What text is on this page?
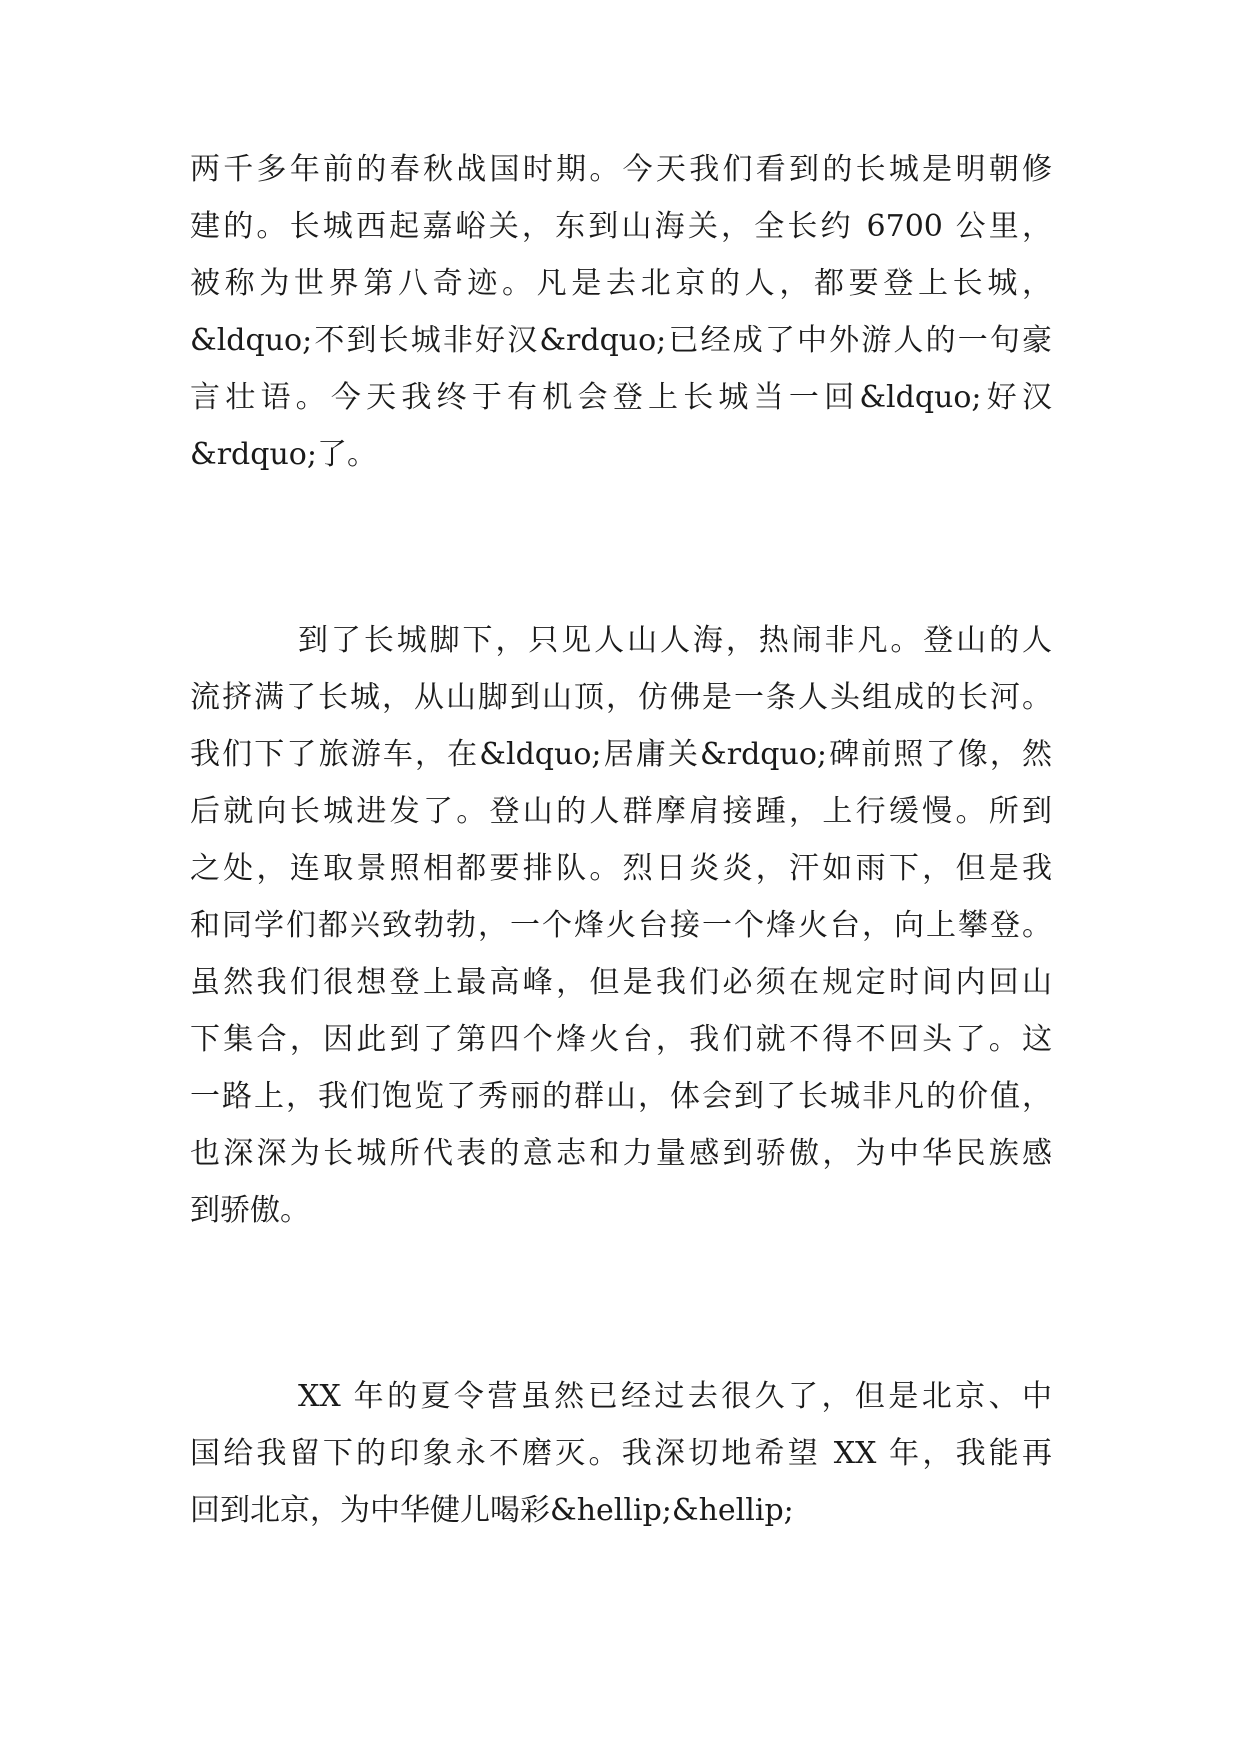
两千多年前的春秋战国时期。今天我们看到的长城是明朝修
建的。长城西起嘉峪关，东到山海关，全长约 6700 公里，
被称为世界第八奇迹。凡是去北京的人，都要登上长城，
&ldquo;不到长城非好汉&rdquo;已经成了中外游人的一句豪
言壮语。今天我终于有机会登上长城当一回&ldquo;好汉
&rdquo;了。
到了长城脚下，只见人山人海，热闹非凡。登山的人
流挤满了长城，从山脚到山顶，仿佛是一条人头组成的长河。
我们下了旅游车，在&ldquo;居庸关&rdquo;碑前照了像，然
后就向长城进发了。登山的人群摩肩接踵，上行缓慢。所到
之处，连取景照相都要排队。烈日炎炎，汗如雨下，但是我
和同学们都兴致勃勃，一个烽火台接一个烽火台，向上攀登。
虽然我们很想登上最高峰，但是我们必须在规定时间内回山
下集合，因此到了第四个烽火台，我们就不得不回头了。这
一路上，我们饱览了秀丽的群山，体会到了长城非凡的价值，
也深深为长城所代表的意志和力量感到骄傲，为中华民族感
到骄傲。
XX 年的夏令营虽然已经过去很久了，但是北京、中
国给我留下的印象永不磨灭。我深切地希望 XX 年，我能再
回到北京，为中华健儿喝彩&hellip;&hellip;
